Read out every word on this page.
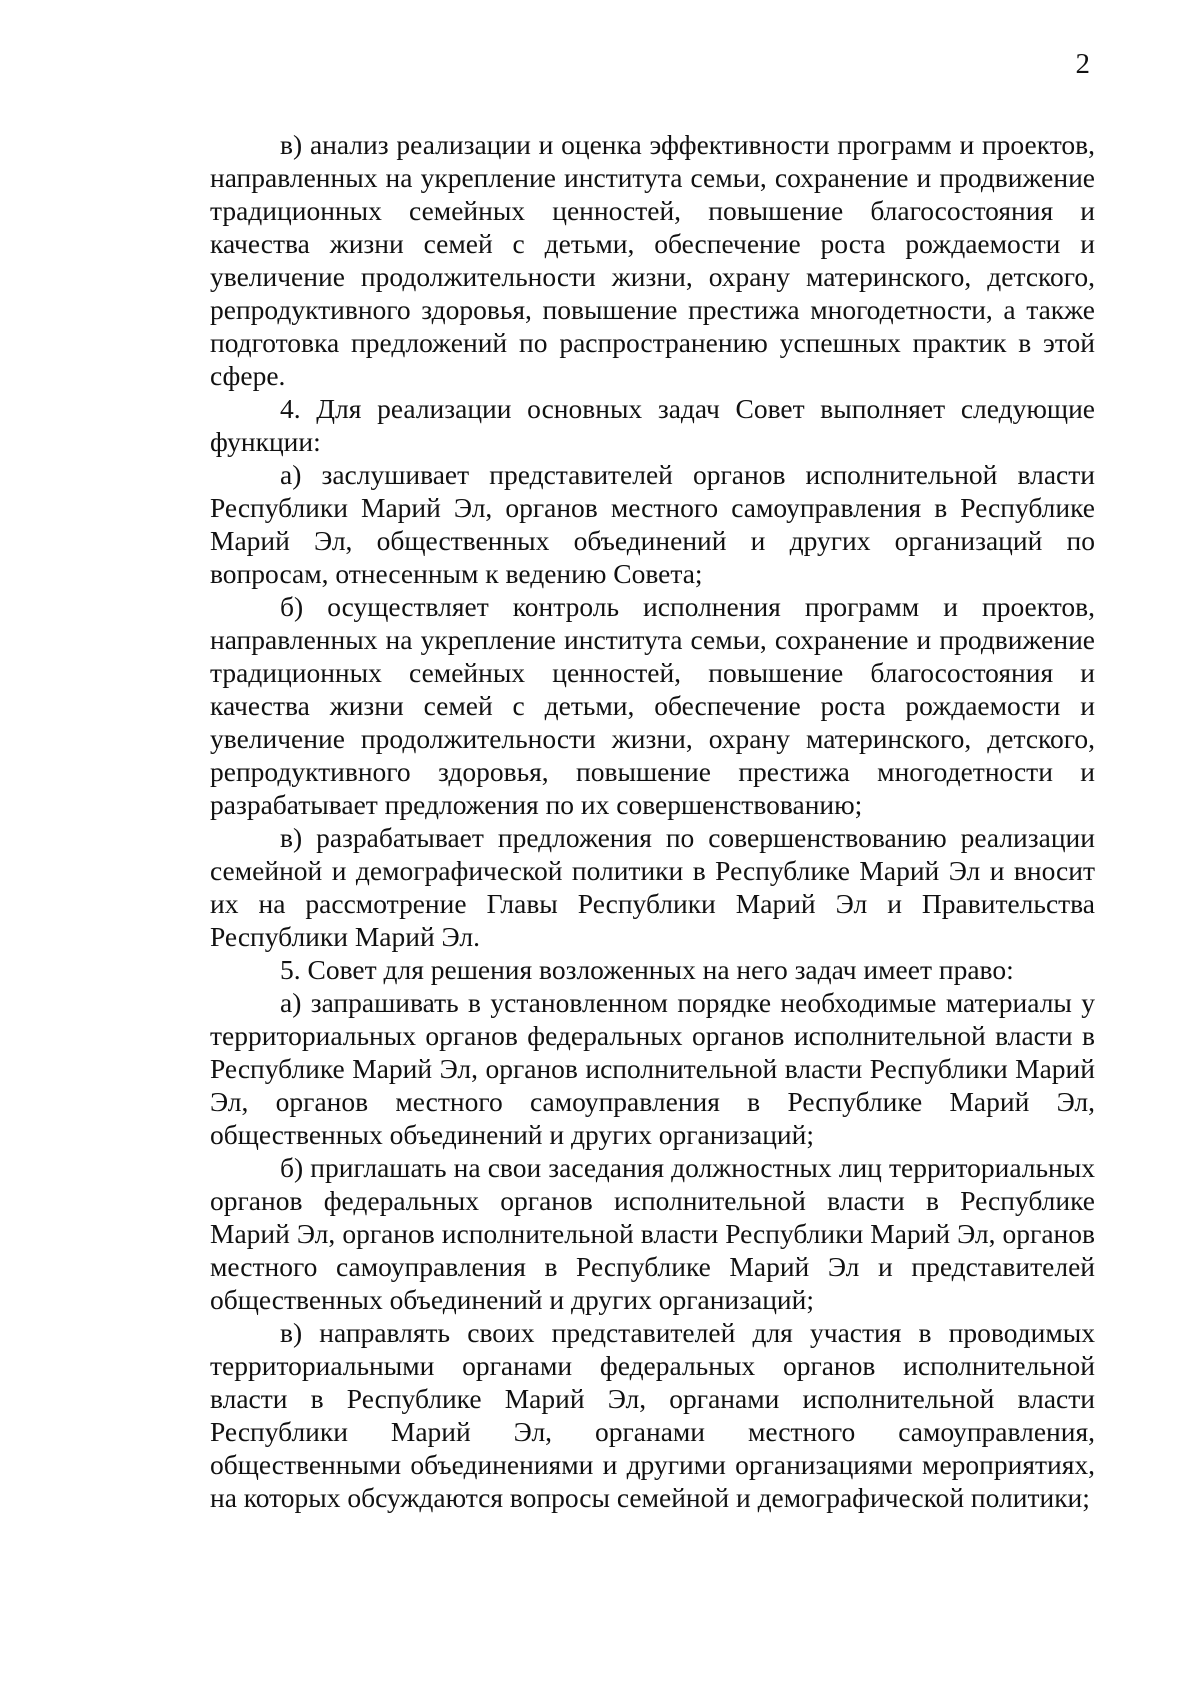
2

в) анализ реализации и оценка эффективности программ и проектов, направленных на укрепление института семьи, сохранение и продвижение традиционных семейных ценностей, повышение благосостояния и качества жизни семей с детьми, обеспечение роста рождаемости и увеличение продолжительности жизни, охрану материнского, детского, репродуктивного здоровья, повышение престижа многодетности, а также подготовка предложений по распространению успешных практик в этой сфере.

4. Для реализации основных задач Совет выполняет следующие функции:

а) заслушивает представителей органов исполнительной власти Республики Марий Эл, органов местного самоуправления в Республике Марий Эл, общественных объединений и других организаций по вопросам, отнесенным к ведению Совета;

б) осуществляет контроль исполнения программ и проектов, направленных на укрепление института семьи, сохранение и продвижение традиционных семейных ценностей, повышение благосостояния и качества жизни семей с детьми, обеспечение роста рождаемости и увеличение продолжительности жизни, охрану материнского, детского, репродуктивного здоровья, повышение престижа многодетности и разрабатывает предложения по их совершенствованию;

в) разрабатывает предложения по совершенствованию реализации семейной и демографической политики в Республике Марий Эл и вносит их на рассмотрение Главы Республики Марий Эл и Правительства Республики Марий Эл.

5. Совет для решения возложенных на него задач имеет право:

а) запрашивать в установленном порядке необходимые материалы у территориальных органов федеральных органов исполнительной власти в Республике Марий Эл, органов исполнительной власти Республики Марий Эл, органов местного самоуправления в Республике Марий Эл, общественных объединений и других организаций;

б) приглашать на свои заседания должностных лиц территориальных органов федеральных органов исполнительной власти в Республике Марий Эл, органов исполнительной власти Республики Марий Эл, органов местного самоуправления в Республике Марий Эл и представителей общественных объединений и других организаций;

в) направлять своих представителей для участия в проводимых территориальными органами федеральных органов исполнительной власти в Республике Марий Эл, органами исполнительной власти Республики Марий Эл, органами местного самоуправления, общественными объединениями и другими организациями мероприятиях, на которых обсуждаются вопросы семейной и демографической политики;
